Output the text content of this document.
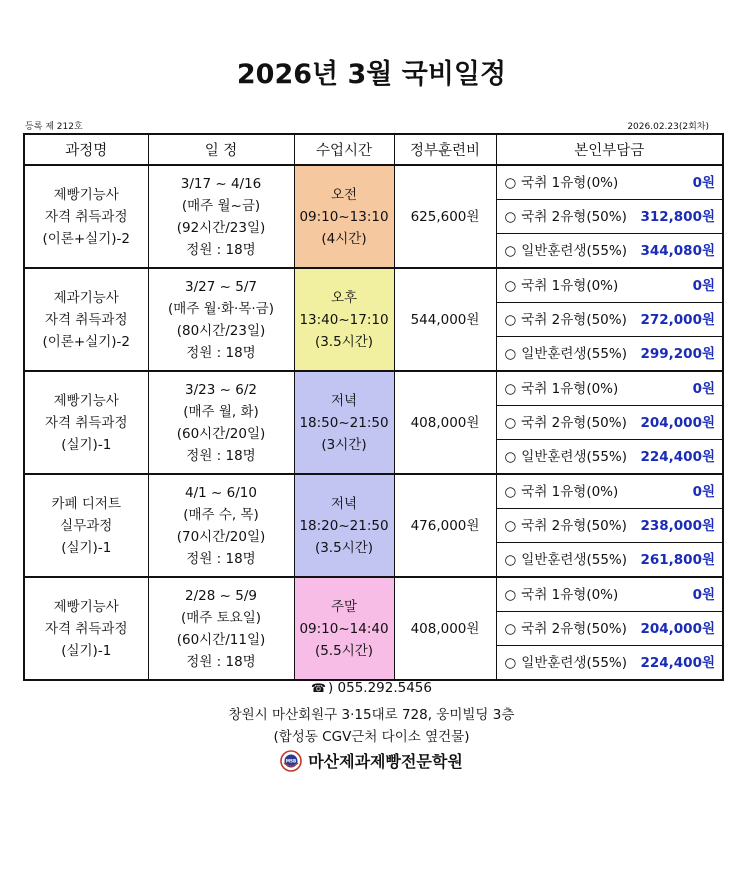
2026년 3월 국비일정
등록 제 212호	2026.02.23(2회차)
과정명	일 정	수업시간	정부훈련비	본인부담금

제빵기능사
자격 취득과정
(이론+실기)-2	3/17 ~ 4/16
(매주 월~금)
(92시간/23일)
정원 : 18명	오전
09:10~13:10
(4시간)	625,600원	○ 국취 1유형(0%) 0원

				○ 국취 2유형(50%) 312,800원

				○ 일반훈련생(55%) 344,080원

제과기능사
자격 취득과정
(이론+실기)-2	3/27 ~ 5/7
(매주 월·화·목·금)
(80시간/23일)
정원 : 18명	오후
13:40~17:10
(3.5시간)	544,000원	○ 국취 1유형(0%) 0원

				○ 국취 2유형(50%) 272,000원

				○ 일반훈련생(55%) 299,200원

제빵기능사
자격 취득과정
(실기)-1	3/23 ~ 6/2
(매주 월, 화)
(60시간/20일)
정원 : 18명	저녁
18:50~21:50
(3시간)	408,000원	○ 국취 1유형(0%) 0원

				○ 국취 2유형(50%) 204,000원

				○ 일반훈련생(55%) 224,400원

카페 디저트
실무과정
(실기)-1	4/1 ~ 6/10
(매주 수, 목)
(70시간/20일)
정원 : 18명	저녁
18:20~21:50
(3.5시간)	476,000원	○ 국취 1유형(0%) 0원

				○ 국취 2유형(50%) 238,000원

				○ 일반훈련생(55%) 261,800원

제빵기능사
자격 취득과정
(실기)-1	2/28 ~ 5/9
(매주 토요일)
(60시간/11일)
정원 : 18명	주말
09:10~14:40
(5.5시간)	408,000원	○ 국취 1유형(0%) 0원

				○ 국취 2유형(50%) 204,000원

				○ 일반훈련생(55%) 224,400원
☎ ) 055.292.5456
창원시 마산회원구 3·15대로 728, 웅미빌딩 3층
(합성동 CGV근처 다이소 옆건물)
MSB 마산제과제빵전문학원
